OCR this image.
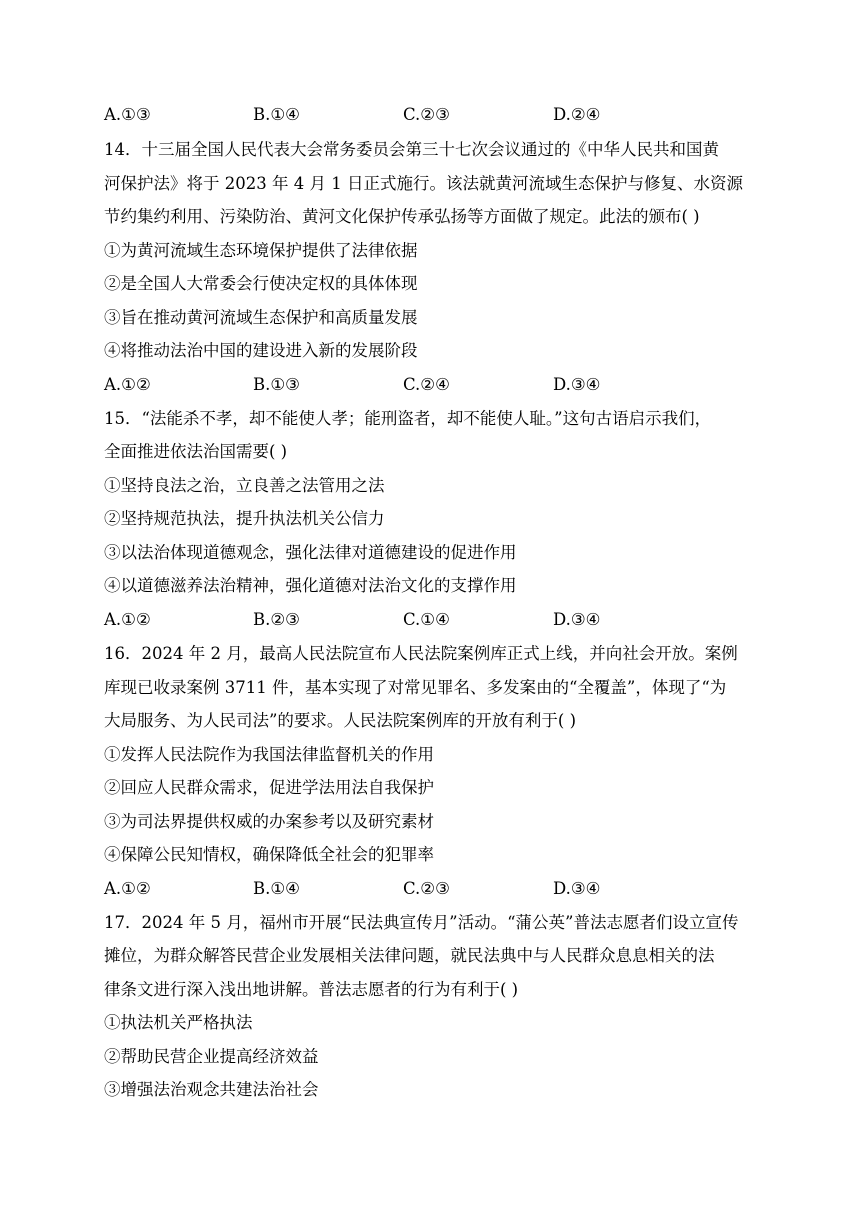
A.①③	B.①④	C.②③	D.②④
14．十三届全国人民代表大会常务委员会第三十七次会议通过的《中华人民共和国黄
河保护法》将于 2023 年 4 月 1 日正式施行。该法就黄河流域生态保护与修复、水资源
节约集约利用、污染防治、黄河文化保护传承弘扬等方面做了规定。此法的颁布( )
①为黄河流域生态环境保护提供了法律依据
②是全国人大常委会行使决定权的具体体现
③旨在推动黄河流域生态保护和高质量发展
④将推动法治中国的建设进入新的发展阶段
A.①②	B.①③	C.②④	D.③④
15．“法能杀不孝，却不能使人孝；能刑盗者，却不能使人耻。”这句古语启示我们，
全面推进依法治国需要( )
①坚持良法之治，立良善之法管用之法
②坚持规范执法，提升执法机关公信力
③以法治体现道德观念，强化法律对道德建设的促进作用
④以道德滋养法治精神，强化道德对法治文化的支撑作用
A.①②	B.②③	C.①④	D.③④
16．2024 年 2 月，最高人民法院宣布人民法院案例库正式上线，并向社会开放。案例
库现已收录案例 3711 件，基本实现了对常见罪名、多发案由的“全覆盖”，体现了“为
大局服务、为人民司法”的要求。人民法院案例库的开放有利于( )
①发挥人民法院作为我国法律监督机关的作用
②回应人民群众需求，促进学法用法自我保护
③为司法界提供权威的办案参考以及研究素材
④保障公民知情权，确保降低全社会的犯罪率
A.①②	B.①④	C.②③	D.③④
17．2024 年 5 月，福州市开展“民法典宣传月”活动。“蒲公英”普法志愿者们设立宣传
摊位，为群众解答民营企业发展相关法律问题，就民法典中与人民群众息息相关的法
律条文进行深入浅出地讲解。普法志愿者的行为有利于( )
①执法机关严格执法
②帮助民营企业提高经济效益
③增强法治观念共建法治社会
